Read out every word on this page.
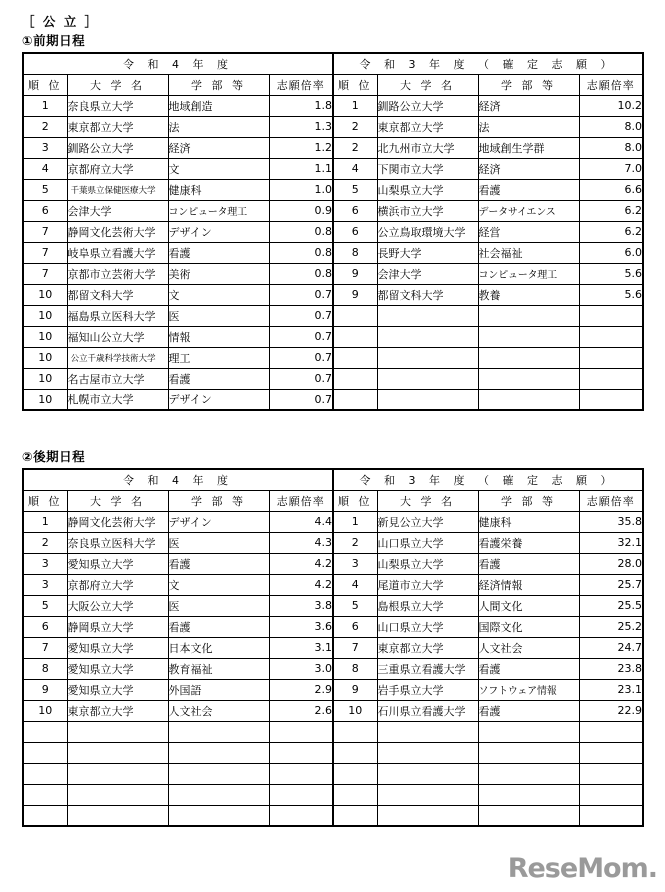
［ 公 立 ］
①前期日程
令 和 4 年 度				令 和 3 年 度 （ 確 定 志 願 ）			
順 位	大 学 名	学 部 等	志願倍率	順 位	大 学 名	学 部 等	志願倍率
1	奈良県立大学	地域創造	1.8	1	釧路公立大学	経済	10.2
2	東京都立大学	法	1.3	2	東京都立大学	法	8.0
3	釧路公立大学	経済	1.2	2	北九州市立大学	地域創生学群	8.0
4	京都府立大学	文	1.1	4	下関市立大学	経済	7.0
5	千葉県立保健医療大学	健康科	1.0	5	山梨県立大学	看護	6.6
6	会津大学	コンピュータ理工	0.9	6	横浜市立大学	データサイエンス	6.2
7	静岡文化芸術大学	デザイン	0.8	6	公立鳥取環境大学	経営	6.2
7	岐阜県立看護大学	看護	0.8	8	長野大学	社会福祉	6.0
7	京都市立芸術大学	美術	0.8	9	会津大学	コンピュータ理工	5.6
10	都留文科大学	文	0.7	9	都留文科大学	教養	5.6
10	福島県立医科大学	医	0.7				
10	福知山公立大学	情報	0.7				
10	公立千歳科学技術大学	理工	0.7				
10	名古屋市立大学	看護	0.7				
10	札幌市立大学	デザイン	0.7				
②後期日程
令 和 4 年 度				令 和 3 年 度 （ 確 定 志 願 ）			
順 位	大 学 名	学 部 等	志願倍率	順 位	大 学 名	学 部 等	志願倍率
1	静岡文化芸術大学	デザイン	4.4	1	新見公立大学	健康科	35.8
2	奈良県立医科大学	医	4.3	2	山口県立大学	看護栄養	32.1
3	愛知県立大学	看護	4.2	3	山梨県立大学	看護	28.0
3	京都府立大学	文	4.2	4	尾道市立大学	経済情報	25.7
5	大阪公立大学	医	3.8	5	島根県立大学	人間文化	25.5
6	静岡県立大学	看護	3.6	6	山口県立大学	国際文化	25.2
7	愛知県立大学	日本文化	3.1	7	東京都立大学	人文社会	24.7
8	愛知県立大学	教育福祉	3.0	8	三重県立看護大学	看護	23.8
9	愛知県立大学	外国語	2.9	9	岩手県立大学	ソフトウェア情報	23.1
10	東京都立大学	人文社会	2.6	10	石川県立看護大学	看護	22.9

ReseMom.
